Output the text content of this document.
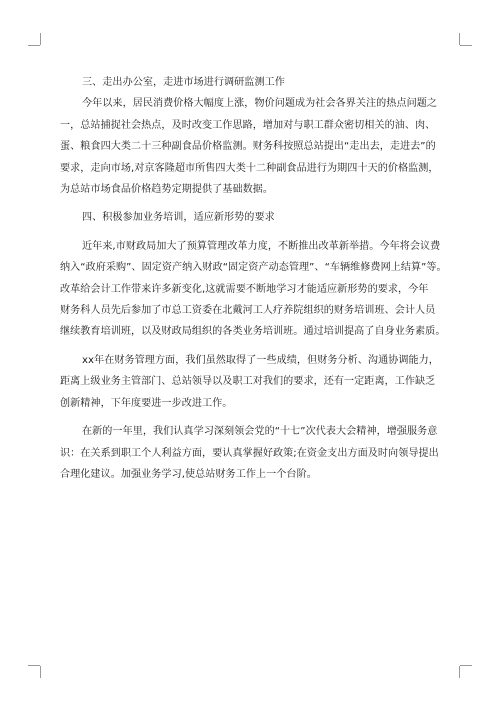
三、走出办公室，走进市场进行调研监测工作

今年以来，居民消费价格大幅度上涨，物价问题成为社会各界关注的热点问题之
一，总站捕捉社会热点，及时改变工作思路，增加对与职工群众密切相关的油、肉、
蛋、粮食四大类二十三种副食品价格监测。财务科按照总站提出“走出去，走进去”的
要求，走向市场,对京客隆超市所售四大类十二种副食品进行为期四十天的价格监测，
为总站市场食品价格趋势定期提供了基础数据。

四、积极参加业务培训，适应新形势的要求

近年来,市财政局加大了预算管理改革力度，不断推出改革新举措。今年将会议费
纳入“政府采购”、固定资产纳入财政“固定资产动态管理”、“车辆维修费网上结算”等。
改革给会计工作带来许多新变化,这就需要不断地学习才能适应新形势的要求，今年
财务科人员先后参加了市总工资委在北戴河工人疗养院组织的财务培训班、会计人员
继续教育培训班，以及财政局组织的各类业务培训班。通过培训提高了自身业务素质。

xx年在财务管理方面，我们虽然取得了一些成绩，但财务分析、沟通协调能力，
距离上级业务主管部门、总站领导以及职工对我们的要求，还有一定距离，工作缺乏
创新精神，下年度要进一步改进工作。

在新的一年里，我们认真学习深刻领会党的“十七”次代表大会精神，增强服务意
识：在关系到职工个人利益方面，要认真掌握好政策;在资金支出方面及时向领导提出
合理化建议。加强业务学习,使总站财务工作上一个台阶。
